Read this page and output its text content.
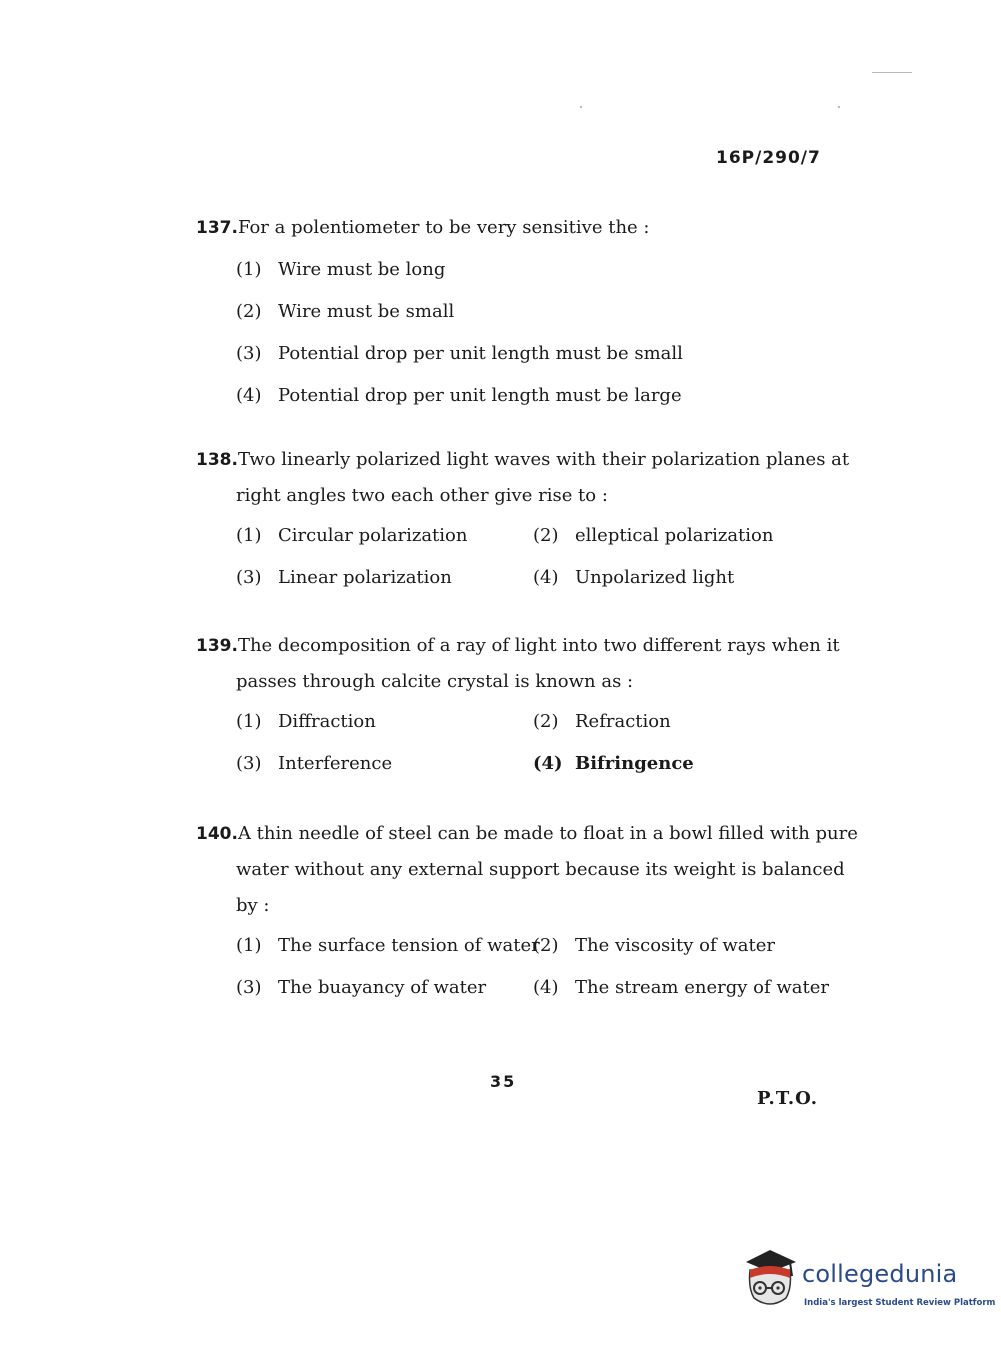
16P/290/7
137.For a polentiometer to be very sensitive the :
(1) Wire must be long
(2) Wire must be small
(3) Potential drop per unit length must be small
(4) Potential drop per unit length must be large
138.Two linearly polarized light waves with their polarization planes at
right angles two each other give rise to :
(1) Circular polarization	(2) elleptical polarization
(3) Linear polarization	(4) Unpolarized light
139.The decomposition of a ray of light into two different rays when it
passes through calcite crystal is known as :
(1) Diffraction	(2) Refraction
(3) Interference	(4) Bifringence
140.A thin needle of steel can be made to float in a bowl filled with pure
water without any external support because its weight is balanced
by :
(1) The surface tension of water
(2) The viscosity of water
(3) The buayancy of water	(4) The stream energy of water
35
P.T.O.
collegedunia
India's largest Student Review Platform
